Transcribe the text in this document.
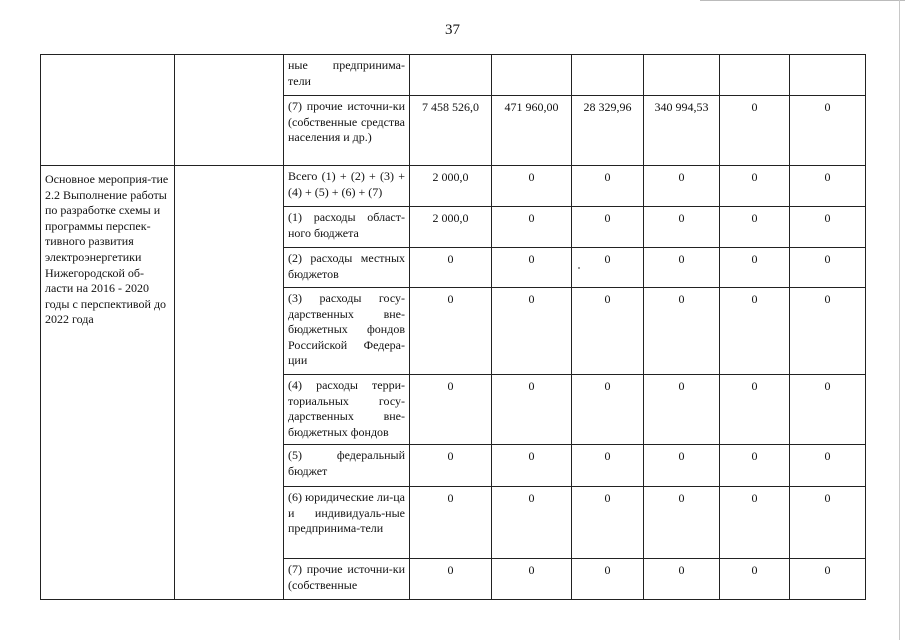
37
		ные предпринима-тели						
		(7) прочие источни-ки (собственные средства населения и др.)	7 458 526,0	471 960,00	28 329,96	340 994,53	0	0
Основное мероприя-тие 2.2 Выполнение работы по разработке схемы и программы перспек-тивного развития электроэнергетики Нижегородской об-ласти на 2016 - 2020 годы с перспективой до 2022 года		Всего (1) + (2) + (3) + (4) + (5) + (6) + (7)	2 000,0	0	0	0	0	0
		(1) расходы област-ного бюджета	2 000,0	0	0	0	0	0
		(2) расходы местных бюджетов	0	0	0	0	0	0
		(3) расходы госу-дарственных вне-бюджетных фондов Российской Федера-ции	0	0	0	0	0	0
		(4) расходы терри-ториальных госу-дарственных вне-бюджетных фондов	0	0	0	0	0	0
		(5) федеральный бюджет	0	0	0	0	0	0
		(6) юридические ли-ца и индивидуаль-ные предпринима-тели	0	0	0	0	0	0
		(7) прочие источни-ки (собственные	0	0	0	0	0	0
